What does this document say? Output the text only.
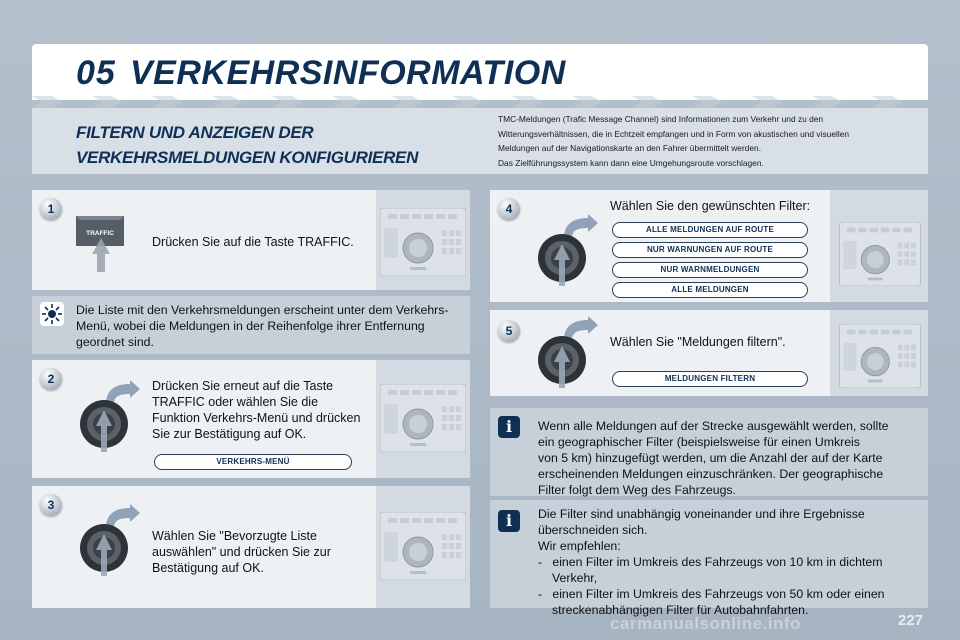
05 VERKEHRSINFORMATION
FILTERN UND ANZEIGEN DER
VERKEHRSMELDUNGEN KONFIGURIEREN

TMC-Meldungen (Trafic Message Channel) sind Informationen zum Verkehr und zu den

Witterungsverhältnissen, die in Echtzeit empfangen und in Form von akustischen und visuellen

Meldungen auf der Navigationskarte an den Fahrer übermittelt werden.

Das Zielführungssystem kann dann eine Umgehungsroute vorschlagen.

1
TRAFFIC
Drücken Sie auf die Taste TRAFFIC.

Die Liste mit den Verkehrsmeldungen erscheint unter dem Verkehrs-

Menü, wobei die Meldungen in der Reihenfolge ihrer Entfernung

geordnet sind.

2	Drücken Sie erneut auf die Taste
TRAFFIC oder wählen Sie die
Funktion Verkehrs-Menü und drücken
Sie zur Bestätigung auf OK.
VERKEHRS-MENÜ
3
Wählen Sie "Bevorzugte Liste
auswählen" und drücken Sie zur
Bestätigung auf OK.
4	Wählen Sie den gewünschten Filter:
ALLE MELDUNGEN AUF ROUTE
NUR WARNUNGEN AUF ROUTE
NUR WARNMELDUNGEN
ALLE MELDUNGEN
5
Wählen Sie "Meldungen filtern".
MELDUNGEN FILTERN
i	Wenn alle Meldungen auf der Strecke ausgewählt werden, sollte

ein geographischer Filter (beispielsweise für einen Umkreis

von 5 km) hinzugefügt werden, um die Anzahl der auf der Karte

erscheinenden Meldungen einzuschränken. Der geographische

Filter folgt dem Weg des Fahrzeugs.

i	Die Filter sind unabhängig voneinander und ihre Ergebnisse

überschneiden sich.

Wir empfehlen:

- einen Filter im Umkreis des Fahrzeugs von 10 km in dichtem
Verkehr,
- einen Filter im Umkreis des Fahrzeugs von 50 km oder einen
streckenabhängigen Filter für Autobahnfahrten.
carmanualsonline.info	227
